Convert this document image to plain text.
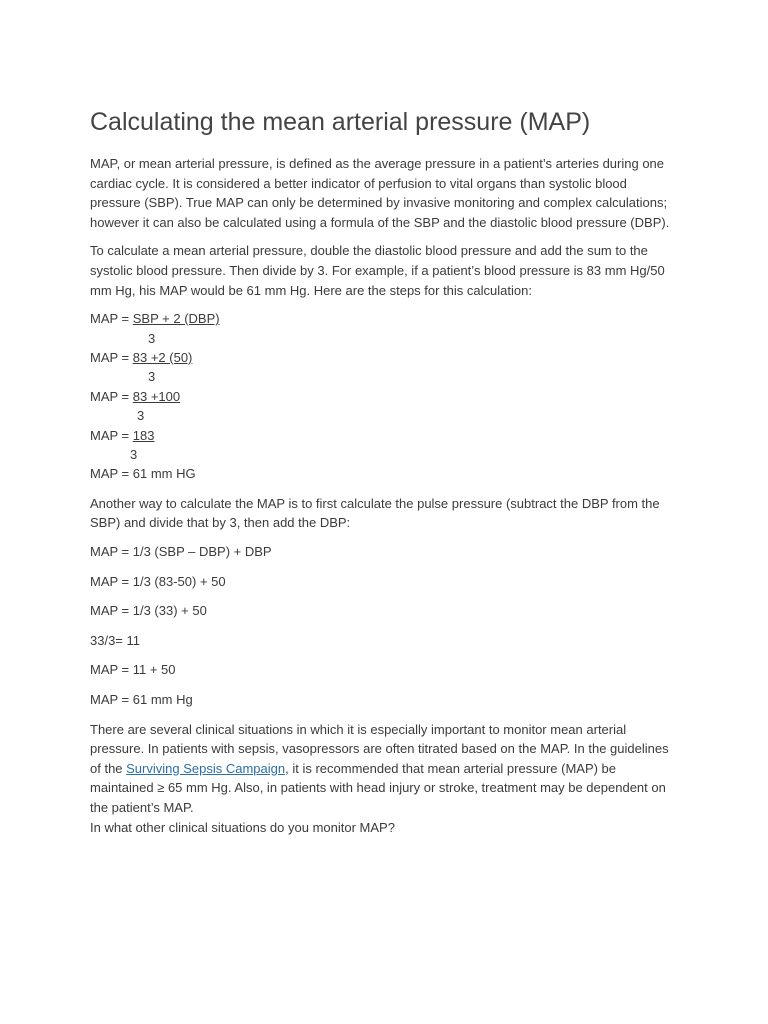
Calculating the mean arterial pressure (MAP)

MAP, or mean arterial pressure, is defined as the average pressure in a patient’s arteries during one cardiac cycle. It is considered a better indicator of perfusion to vital organs than systolic blood pressure (SBP). True MAP can only be determined by invasive monitoring and complex calculations; however it can also be calculated using a formula of the SBP and the diastolic blood pressure (DBP).

To calculate a mean arterial pressure, double the diastolic blood pressure and add the sum to the systolic blood pressure. Then divide by 3. For example, if a patient’s blood pressure is 83 mm Hg/50 mm Hg, his MAP would be 61 mm Hg. Here are the steps for this calculation:

MAP = SBP + 2 (DBP)
3
MAP = 83 +2 (50)
3
MAP = 83 +100
3
MAP = 183
3
MAP = 61 mm HG

Another way to calculate the MAP is to first calculate the pulse pressure (subtract the DBP from the SBP) and divide that by 3, then add the DBP:

MAP = 1/3 (SBP – DBP) + DBP

MAP = 1/3 (83-50) + 50

MAP = 1/3 (33) + 50

33/3= 11

MAP = 11 + 50

MAP = 61 mm Hg

There are several clinical situations in which it is especially important to monitor mean arterial pressure. In patients with sepsis, vasopressors are often titrated based on the MAP. In the guidelines of the Surviving Sepsis Campaign, it is recommended that mean arterial pressure (MAP) be maintained ≥ 65 mm Hg. Also, in patients with head injury or stroke, treatment may be dependent on the patient’s MAP.

In what other clinical situations do you monitor MAP?
